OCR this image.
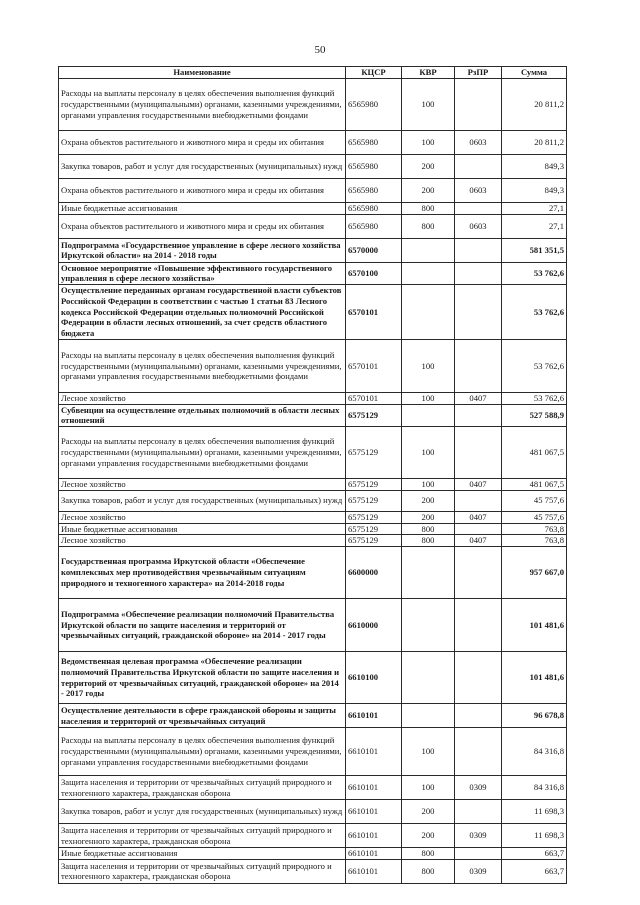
50
Наименование	КЦСР	КВР	РзПР	Сумма
Расходы на выплаты персоналу в целях обеспечения выполнения функций государственными (муниципальными) органами, казенными учреждениями, органами управления государственными внебюджетными фондами	6565980	100		20 811,2
Охрана объектов растительного и животного мира и среды их обитания	6565980	100	0603	20 811,2
Закупка товаров, работ и услуг для государственных (муниципальных) нужд	6565980	200		849,3
Охрана объектов растительного и животного мира и среды их обитания	6565980	200	0603	849,3
Иные бюджетные ассигнования	6565980	800		27,1
Охрана объектов растительного и животного мира и среды их обитания	6565980	800	0603	27,1
Подпрограмма «Государственное управление в сфере лесного хозяйства Иркутской области» на 2014 - 2018 годы	6570000			581 351,5
Основное мероприятие «Повышение эффективного государственного управления в сфере лесного хозяйства»	6570100			53 762,6
Осуществление переданных органам государственной власти субъектов Российской Федерации в соответствии с частью 1 статьи 83 Лесного кодекса Российской Федерации отдельных полномочий Российской Федерации в области лесных отношений, за счет средств областного бюджета	6570101			53 762,6
Расходы на выплаты персоналу в целях обеспечения выполнения функций государственными (муниципальными) органами, казенными учреждениями, органами управления государственными внебюджетными фондами	6570101	100		53 762,6
Лесное хозяйство	6570101	100	0407	53 762,6
Субвенции на осуществление отдельных полномочий в области лесных отношений	6575129			527 588,9
Расходы на выплаты персоналу в целях обеспечения выполнения функций государственными (муниципальными) органами, казенными учреждениями, органами управления государственными внебюджетными фондами	6575129	100		481 067,5
Лесное хозяйство	6575129	100	0407	481 067,5
Закупка товаров, работ и услуг для государственных (муниципальных) нужд	6575129	200		45 757,6
Лесное хозяйство	6575129	200	0407	45 757,6
Иные бюджетные ассигнования	6575129	800		763,8
Лесное хозяйство	6575129	800	0407	763,8
Государственная программа Иркутской области «Обеспечение комплексных мер противодействия чрезвычайным ситуациям природного и техногенного характера» на 2014-2018 годы	6600000			957 667,0
Подпрограмма «Обеспечение реализации полномочий Правительства Иркутской области по защите населения и территорий от чрезвычайных ситуаций, гражданской обороне» на 2014 - 2017 годы	6610000			101 481,6
Ведомственная целевая программа «Обеспечение реализации полномочий Правительства Иркутской области по защите населения и территорий от чрезвычайных ситуаций, гражданской обороне» на 2014 - 2017 годы	6610100			101 481,6
Осуществление деятельности в сфере гражданской обороны и защиты населения и территорий от чрезвычайных ситуаций	6610101			96 678,8
Расходы на выплаты персоналу в целях обеспечения выполнения функций государственными (муниципальными) органами, казенными учреждениями, органами управления государственными внебюджетными фондами	6610101	100		84 316,8
Защита населения и территории от чрезвычайных ситуаций природного и техногенного характера, гражданская оборона	6610101	100	0309	84 316,8
Закупка товаров, работ и услуг для государственных (муниципальных) нужд	6610101	200		11 698,3
Защита населения и территории от чрезвычайных ситуаций природного и техногенного характера, гражданская оборона	6610101	200	0309	11 698,3
Иные бюджетные ассигнования	6610101	800		663,7
Защита населения и территории от чрезвычайных ситуаций природного и техногенного характера, гражданская оборона	6610101	800	0309	663,7
